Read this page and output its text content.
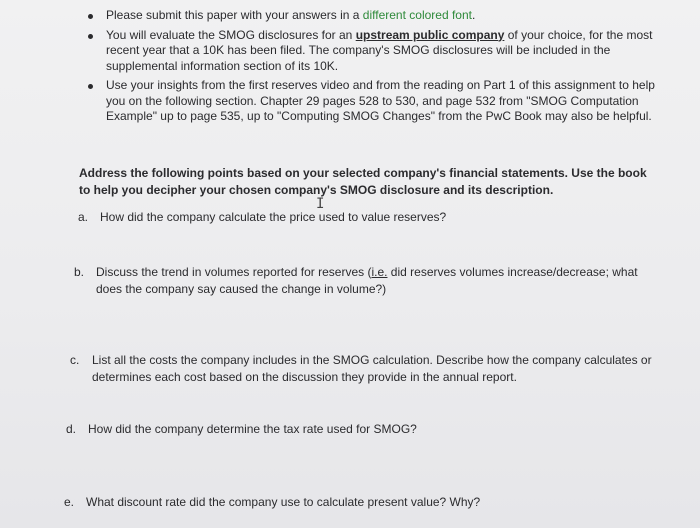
Please submit this paper with your answers in a different colored font.
You will evaluate the SMOG disclosures for an upstream public company of your choice, for the most recent year that a 10K has been filed. The company's SMOG disclosures will be included in the supplemental information section of its 10K.
Use your insights from the first reserves video and from the reading on Part 1 of this assignment to help you on the following section. Chapter 29 pages 528 to 530, and page 532 from "SMOG Computation Example" up to page 535, up to "Computing SMOG Changes" from the PwC Book may also be helpful.
Address the following points based on your selected company's financial statements. Use the book to help you decipher your chosen company's SMOG disclosure and its description.
I
a. How did the company calculate the price used to value reserves?
b. Discuss the trend in volumes reported for reserves (i.e. did reserves volumes increase/decrease; what does the company say caused the change in volume?)
c. List all the costs the company includes in the SMOG calculation. Describe how the company calculates or determines each cost based on the discussion they provide in the annual report.
d. How did the company determine the tax rate used for SMOG?
e. What discount rate did the company use to calculate present value? Why?
